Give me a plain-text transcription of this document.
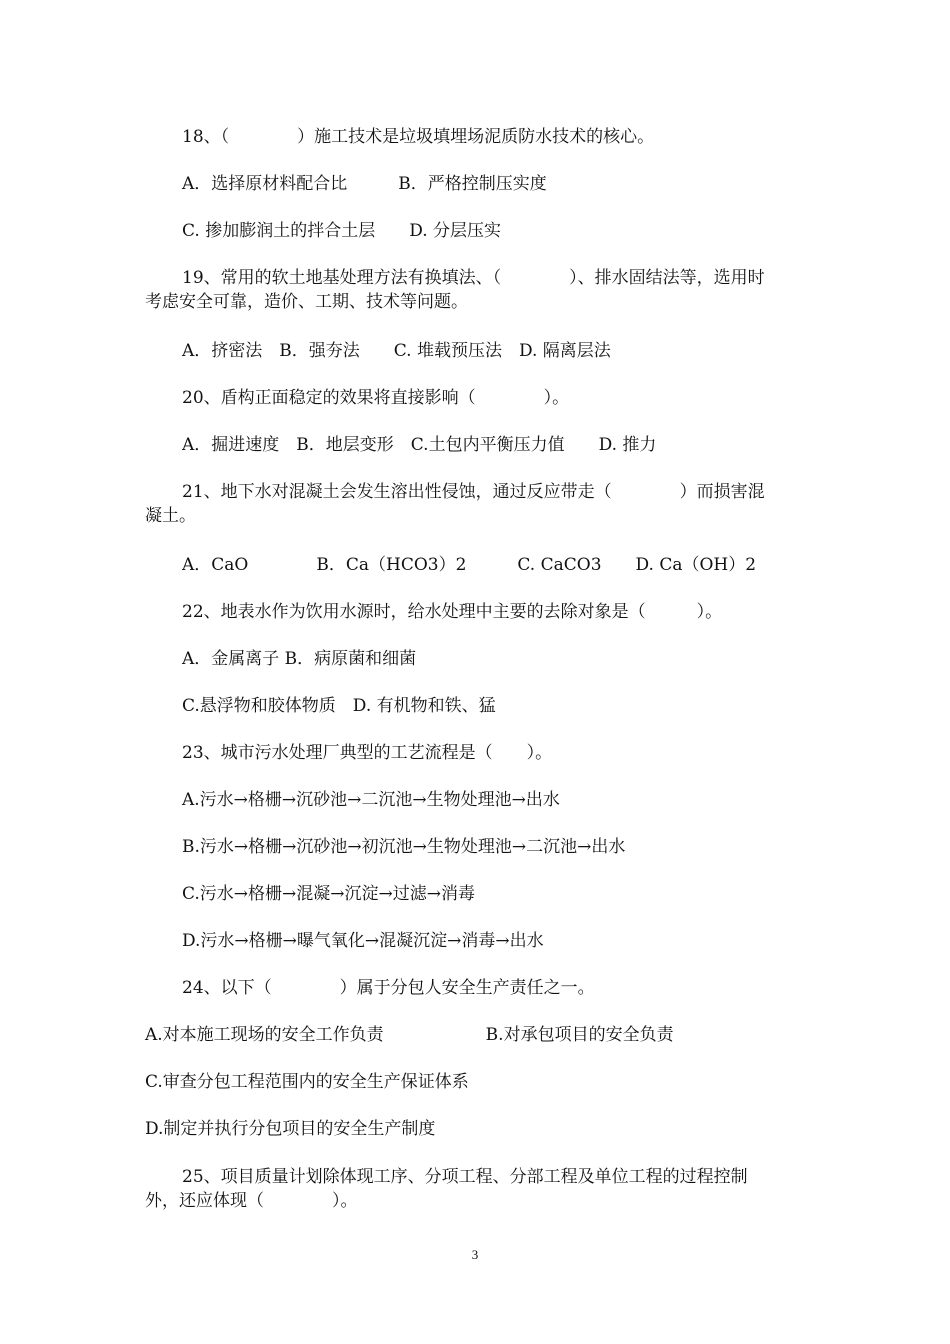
18、（　　　　）施工技术是垃圾填埋场泥质防水技术的核心。
A．选择原材料配合比　　　B．严格控制压实度
C. 掺加膨润土的拌合土层　　D. 分层压实
19、常用的软土地基处理方法有换填法、（　　　　）、排水固结法等，选用时
考虑安全可靠，造价、工期、技术等问题。
A．挤密法　B．强夯法　　C. 堆载预压法　D. 隔离层法
20、盾构正面稳定的效果将直接影响（　　　　）。
A．掘进速度　B．地层变形　C.土包内平衡压力值　　D. 推力
21、地下水对混凝土会发生溶出性侵蚀，通过反应带走（　　　　）而损害混
凝土。
A．CaO　　　　B．Ca（HCO3）2　　　C. CaCO3　　D. Ca（OH）2
22、地表水作为饮用水源时，给水处理中主要的去除对象是（　　　）。
A．金属离子 B．病原菌和细菌
C.悬浮物和胶体物质　D. 有机物和铁、猛
23、城市污水处理厂典型的工艺流程是（　　）。
A.污水→格栅→沉砂池→二沉池→生物处理池→出水
B.污水→格栅→沉砂池→初沉池→生物处理池→二沉池→出水
C.污水→格栅→混凝→沉淀→过滤→消毒
D.污水→格栅→曝气氧化→混凝沉淀→消毒→出水
24、以下（　　　　）属于分包人安全生产责任之一。
A.对本施工现场的安全工作负责　　　　　　B.对承包项目的安全负责
C.审查分包工程范围内的安全生产保证体系
D.制定并执行分包项目的安全生产制度
25、项目质量计划除体现工序、分项工程、分部工程及单位工程的过程控制
外，还应体现（　　　　）。
3
